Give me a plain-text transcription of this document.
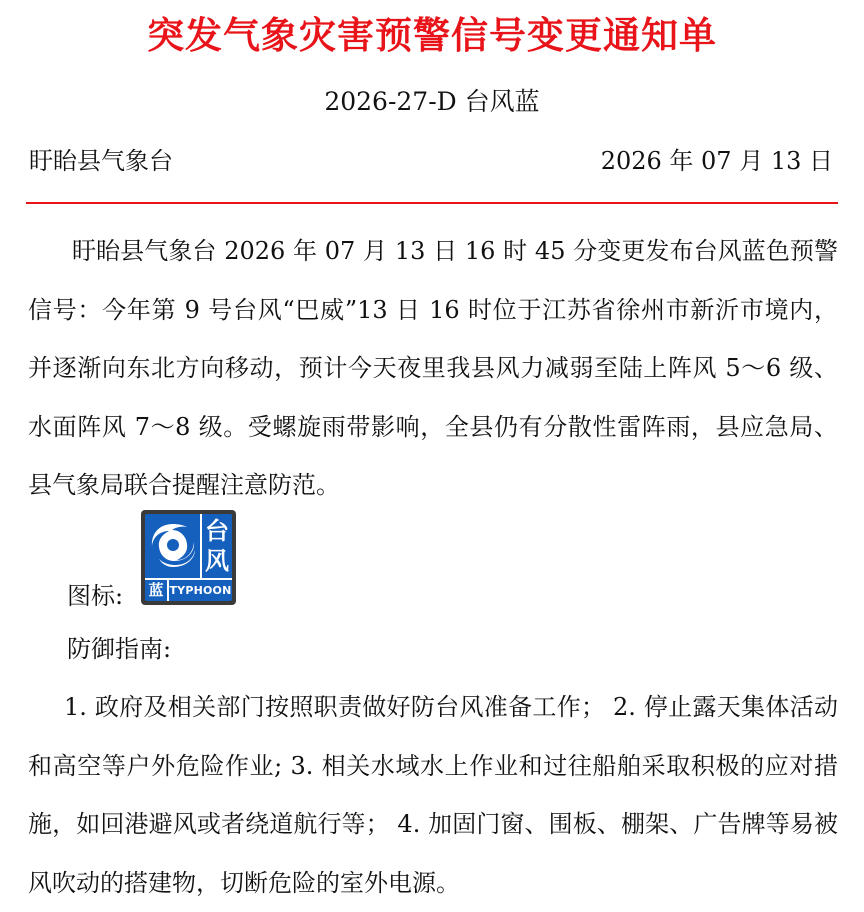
突发气象灾害预警信号变更通知单
2026-27-D 台风蓝
盱眙县气象台	2026 年 07 月 13 日

盱眙县气象台 2026 年 07 月 13 日 16 时 45 分变更发布台风蓝色预警信号：今年第 9 号台风“巴威”13 日 16 时位于江苏省徐州市新沂市境内，并逐渐向东北方向移动，预计今天夜里我县风力减弱至陆上阵风 5～6 级、水面阵风 7～8 级。受螺旋雨带影响，全县仍有分散性雷阵雨，县应急局、县气象局联合提醒注意防范。

台
风
蓝 TYPHOON
图标:
防御指南:

1. 政府及相关部门按照职责做好防台风准备工作； 2. 停止露天集体活动和高空等户外危险作业; 3. 相关水域水上作业和过往船舶采取积极的应对措施，如回港避风或者绕道航行等； 4. 加固门窗、围板、棚架、广告牌等易被风吹动的搭建物，切断危险的室外电源。
